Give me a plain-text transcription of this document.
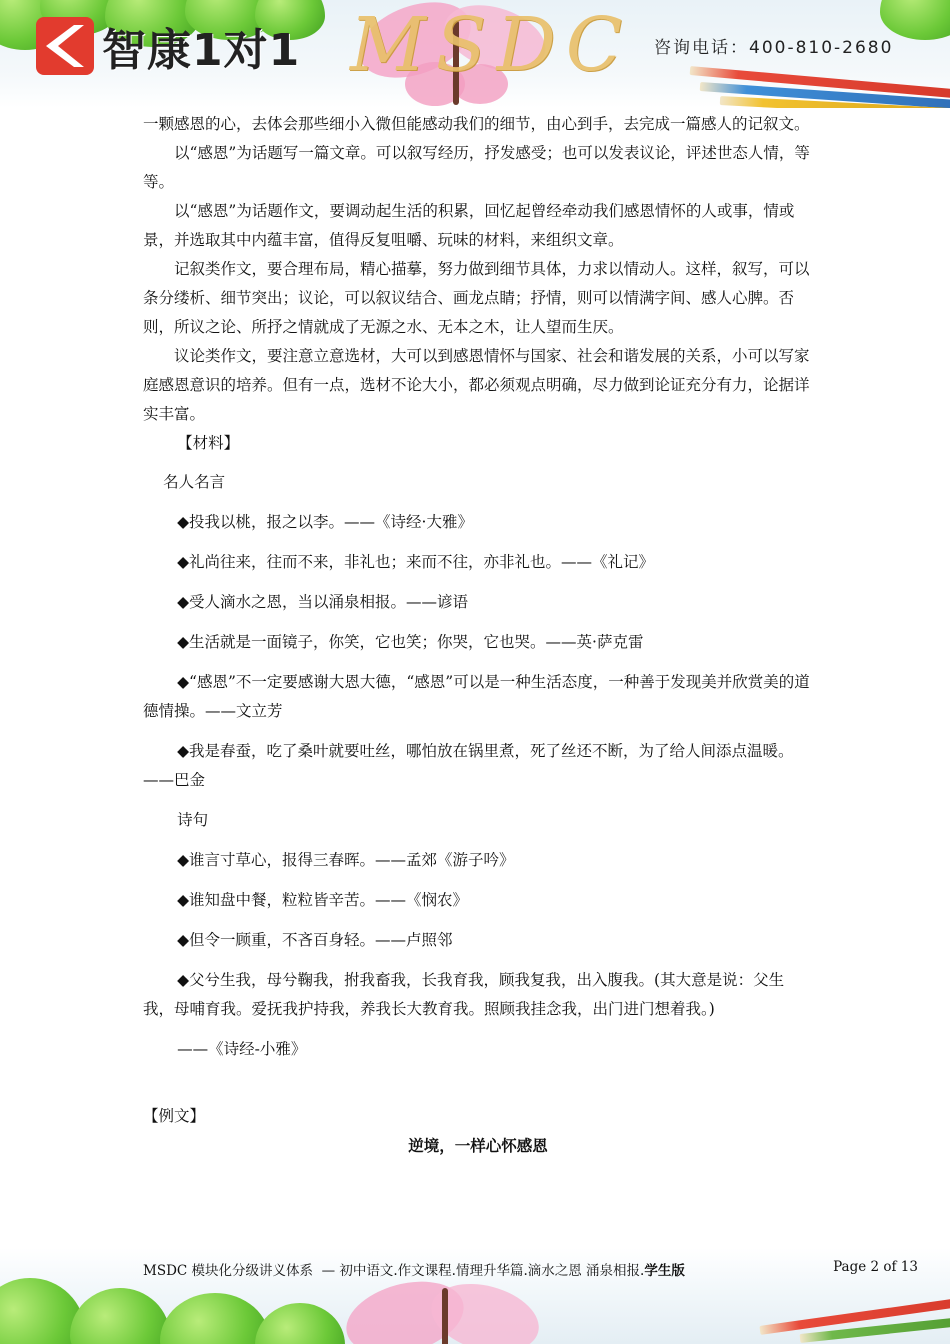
智康1对1 MSDC 咨询电话：400-810-2680

一颗感恩的心，去体会那些细小入微但能感动我们的细节，由心到手，去完成一篇感人的记叙文。

以“感恩”为话题写一篇文章。可以叙写经历，抒发感受；也可以发表议论，评述世态人情，等等。

以“感恩”为话题作文，要调动起生活的积累，回忆起曾经牵动我们感恩情怀的人或事，情或景，并选取其中内蕴丰富，值得反复咀嚼、玩味的材料，来组织文章。

记叙类作文，要合理布局，精心描摹，努力做到细节具体，力求以情动人。这样，叙写，可以条分缕析、细节突出；议论，可以叙议结合、画龙点睛；抒情，则可以情满字间、感人心脾。否则，所议之论、所抒之情就成了无源之水、无本之木，让人望而生厌。

议论类作文，要注意立意选材，大可以到感恩情怀与国家、社会和谐发展的关系，小可以写家庭感恩意识的培养。但有一点，选材不论大小，都必须观点明确，尽力做到论证充分有力，论据详实丰富。

【材料】

名人名言

◆投我以桃，报之以李。——《诗经·大雅》

◆礼尚往来，往而不来，非礼也；来而不往，亦非礼也。——《礼记》

◆受人滴水之恩，当以涌泉相报。——谚语

◆生活就是一面镜子，你笑，它也笑；你哭，它也哭。——英·萨克雷

◆“感恩”不一定要感谢大恩大德，“感恩”可以是一种生活态度，一种善于发现美并欣赏美的道德情操。——文立芳

◆我是春蚕，吃了桑叶就要吐丝，哪怕放在锅里煮，死了丝还不断，为了给人间添点温暖。 ——巴金

诗句

◆谁言寸草心，报得三春晖。——孟郊《游子吟》

◆谁知盘中餐，粒粒皆辛苦。——《悯农》

◆但令一顾重，不吝百身轻。——卢照邻

◆父兮生我，母兮鞠我，拊我畜我，长我育我，顾我复我，出入腹我。(其大意是说：父生我，母哺育我。爱抚我护持我，养我长大教育我。照顾我挂念我，出门进门想着我。)

——《诗经-小雅》

【例文】

逆境，一样心怀感恩

MSDC 模块化分级讲义体系  — 初中语文.作文课程.情理升华篇.滴水之恩 涌泉相报.学生版	Page 2 of 13
